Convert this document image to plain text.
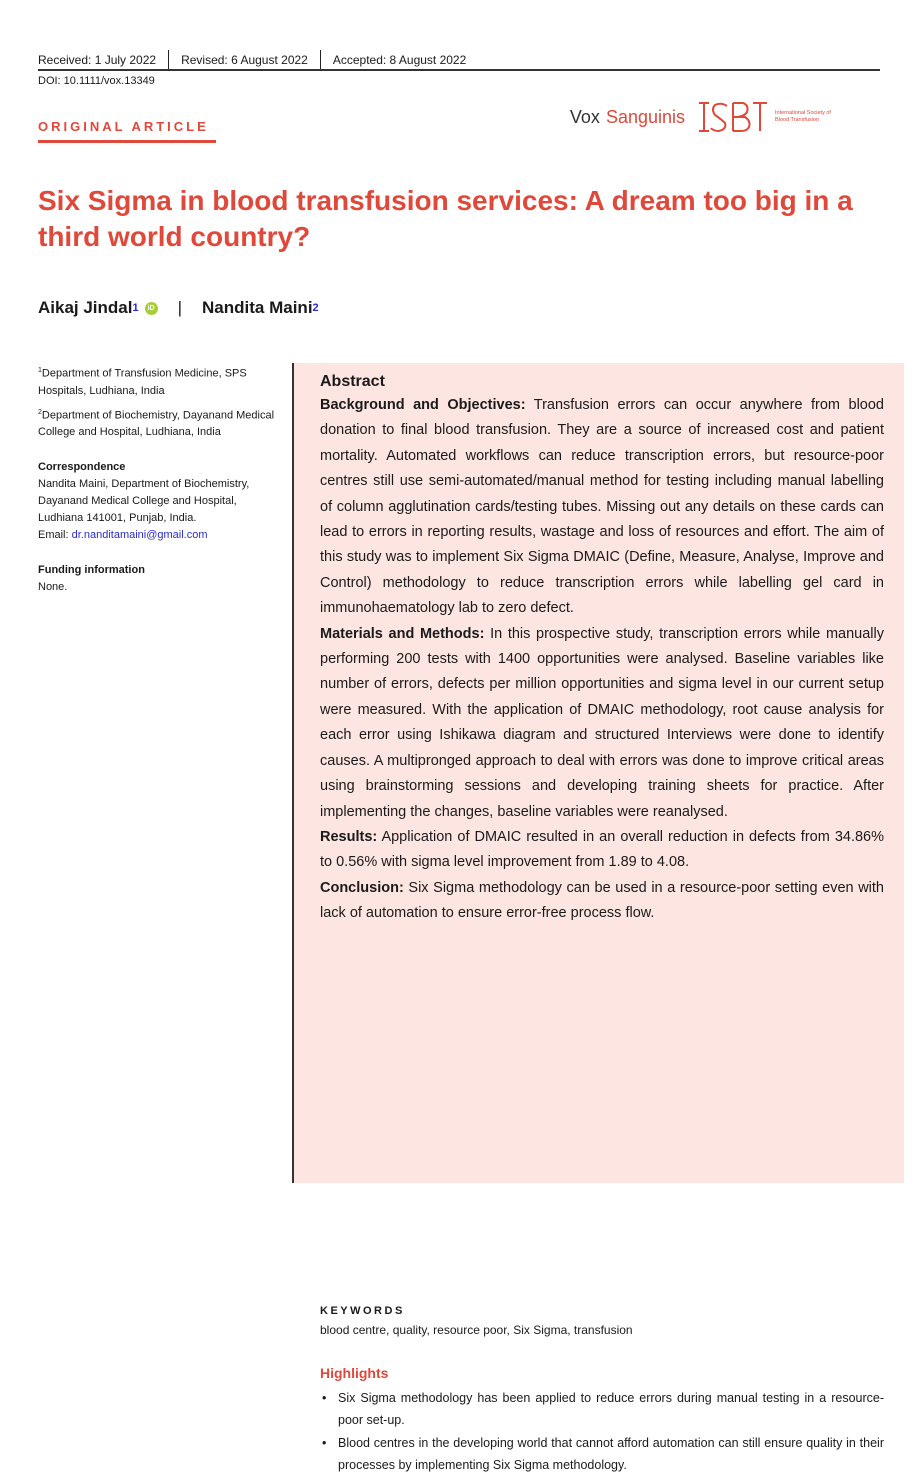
Received: 1 July 2022	Revised: 6 August 2022	Accepted: 8 August 2022
DOI: 10.1111/vox.13349
ORIGINAL ARTICLE	Vox Sanguinis	International Society of Blood Transfusion
Six Sigma in blood transfusion services: A dream too big in a third world country?
Aikaj Jindal 1	iD | Nandita Maini 2

$^1$Department of Transfusion Medicine, SPS Hospitals, Ludhiana, India

$^2$Department of Biochemistry, Dayanand Medical College and Hospital, Ludhiana, India

Correspondence

Nandita Maini, Department of Biochemistry, Dayanand Medical College and Hospital, Ludhiana 141001, Punjab, India.

Email: dr.nanditamaini@gmail.com

Funding information

None.

Abstract

Background and Objectives: Transfusion errors can occur anywhere from blood donation to final blood transfusion. They are a source of increased cost and patient mortality. Automated workflows can reduce transcription errors, but resource-poor centres still use semi-automated/manual method for testing including manual labelling of column agglutination cards/testing tubes. Missing out any details on these cards can lead to errors in reporting results, wastage and loss of resources and effort. The aim of this study was to implement Six Sigma DMAIC (Define, Measure, Analyse, Improve and Control) methodology to reduce transcription errors while labelling gel card in immunohaematology lab to zero defect.

Materials and Methods: In this prospective study, transcription errors while manually performing 200 tests with 1400 opportunities were analysed. Baseline variables like number of errors, defects per million opportunities and sigma level in our current setup were measured. With the application of DMAIC methodology, root cause analysis for each error using Ishikawa diagram and structured Interviews were done to identify causes. A multipronged approach to deal with errors was done to improve critical areas using brainstorming sessions and developing training sheets for practice. After implementing the changes, baseline variables were reanalysed.

Results: Application of DMAIC resulted in an overall reduction in defects from 34.86% to 0.56% with sigma level improvement from 1.89 to 4.08.

Conclusion: Six Sigma methodology can be used in a resource-poor setting even with lack of automation to ensure error-free process flow.

KEYWORDS
blood centre, quality, resource poor, Six Sigma, transfusion
Highlights
• Six Sigma methodology has been applied to reduce errors during manual testing in a resource-poor set-up.
• Blood centres in the developing world that cannot afford automation can still ensure quality in their processes by implementing Six Sigma methodology.
